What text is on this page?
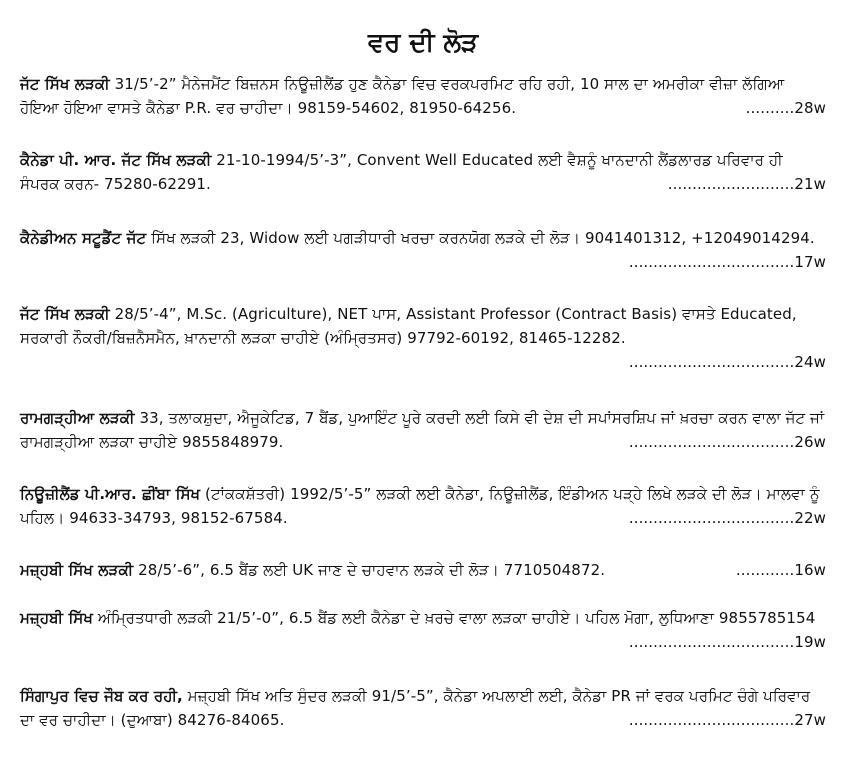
ਵਰ ਦੀ ਲੋੜ
ਜੱਟ ਸਿੱਖ ਲੜਕੀ 31/5’-2” ਮੈਨੇਜਮੈਂਟ ਬਿਜ਼ਨਸ ਨਿਊਜ਼ੀਲੈਂਡ ਹੁਣ ਕੈਨੇਡਾ ਵਿਚ ਵਰਕਪਰਮਿਟ ਰਹਿ ਰਹੀ, 10 ਸਾਲ ਦਾ ਅਮਰੀਕਾ ਵੀਜ਼ਾ ਲੱਗਿਆ ਹੋਇਆ ਹੋਇਆ ਵਾਸਤੇ ਕੈਨੇਡਾ P.R. ਵਰ ਚਾਹੀਦਾ। 98159-54602, 81950-64256.	..........28w
ਕੈਨੇਡਾ ਪੀ. ਆਰ. ਜੱਟ ਸਿੱਖ ਲੜਕੀ 21-10-1994/5’-3”, Convent Well Educated ਲਈ ਵੈਸ਼ਨੂੰ ਖਾਨਦਾਨੀ ਲੈਂਡਲਾਰਡ ਪਰਿਵਾਰ ਹੀ ਸੰਪਰਕ ਕਰਨ- 75280-62291.	..........................21w
ਕੈਨੇਡੀਅਨ ਸਟੂਡੈਂਟ ਜੱਟ ਸਿੱਖ ਲੜਕੀ 23, Widow ਲਈ ਪਗੜੀਧਾਰੀ ਖਰਚਾ ਕਰਨਯੋਗ ਲੜਕੇ ਦੀ ਲੋੜ। 9041401312, +12049014294.
..................................17w
ਜੱਟ ਸਿੱਖ ਲੜਕੀ 28/5’-4”, M.Sc. (Agriculture), NET ਪਾਸ, Assistant Professor (Contract Basis) ਵਾਸਤੇ Educated, ਸਰਕਾਰੀ ਨੌਕਰੀ/ਬਿਜ਼ਨੈਸਮੈਨ, ਖ਼ਾਨਦਾਨੀ ਲੜਕਾ ਚਾਹੀਏ (ਅੰਮ੍ਰਿਤਸਰ) 97792-60192, 81465-12282.
..................................24w
ਰਾਮਗੜ੍ਹੀਆ ਲੜਕੀ 33, ਤਲਾਕਸ਼ੁਦਾ, ਐਜੂਕੇਟਿਡ, 7 ਬੈਂਡ, ਪੁਆਇੰਟ ਪੂਰੇ ਕਰਦੀ ਲਈ ਕਿਸੇ ਵੀ ਦੇਸ਼ ਦੀ ਸਪਾਂਸਰਸ਼ਿਪ ਜਾਂ ਖ਼ਰਚਾ ਕਰਨ ਵਾਲਾ ਜੱਟ ਜਾਂ ਰਾਮਗੜ੍ਹੀਆ ਲੜਕਾ ਚਾਹੀਏ 9855848979.	..................................26w
ਨਿਊਜ਼ੀਲੈਂਡ ਪੀ.ਆਰ. ਛੀਂਬਾ ਸਿੱਖ (ਟਾਂਕਕਸ਼ੱਤਰੀ) 1992/5’-5” ਲੜਕੀ ਲਈ ਕੈਨੇਡਾ, ਨਿਊਜ਼ੀਲੈਂਡ, ਇੰਡੀਅਨ ਪੜ੍ਹੇ ਲਿਖੇ ਲੜਕੇ ਦੀ ਲੋੜ। ਮਾਲਵਾ ਨੂੰ ਪਹਿਲ। 94633-34793, 98152-67584.	..................................22w
ਮਜ਼੍ਹਬੀ ਸਿੱਖ ਲੜਕੀ 28/5’-6”, 6.5 ਬੈਂਡ ਲਈ UK ਜਾਣ ਦੇ ਚਾਹਵਾਨ ਲੜਕੇ ਦੀ ਲੋੜ। 7710504872.	............16w
ਮਜ਼੍ਹਬੀ ਸਿੱਖ ਅੰਮ੍ਰਿਤਧਾਰੀ ਲੜਕੀ 21/5’-0”, 6.5 ਬੈਂਡ ਲਈ ਕੈਨੇਡਾ ਦੇ ਖ਼ਰਚੇ ਵਾਲਾ ਲੜਕਾ ਚਾਹੀਏ। ਪਹਿਲ ਮੋਗਾ, ਲੁਧਿਆਣਾ 9855785154
..................................19w
ਸਿੰਗਾਪੁਰ ਵਿਚ ਜੌਬ ਕਰ ਰਹੀ, ਮਜ਼੍ਹਬੀ ਸਿੱਖ ਅਤਿ ਸੁੰਦਰ ਲੜਕੀ 91/5’-5”, ਕੈਨੇਡਾ ਅਪਲਾਈ ਲਈ, ਕੈਨੇਡਾ PR ਜਾਂ ਵਰਕ ਪਰਮਿਟ ਚੰਗੇ ਪਰਿਵਾਰ ਦਾ ਵਰ ਚਾਹੀਦਾ। (ਦੁਆਬਾ) 84276-84065.	..................................27w
